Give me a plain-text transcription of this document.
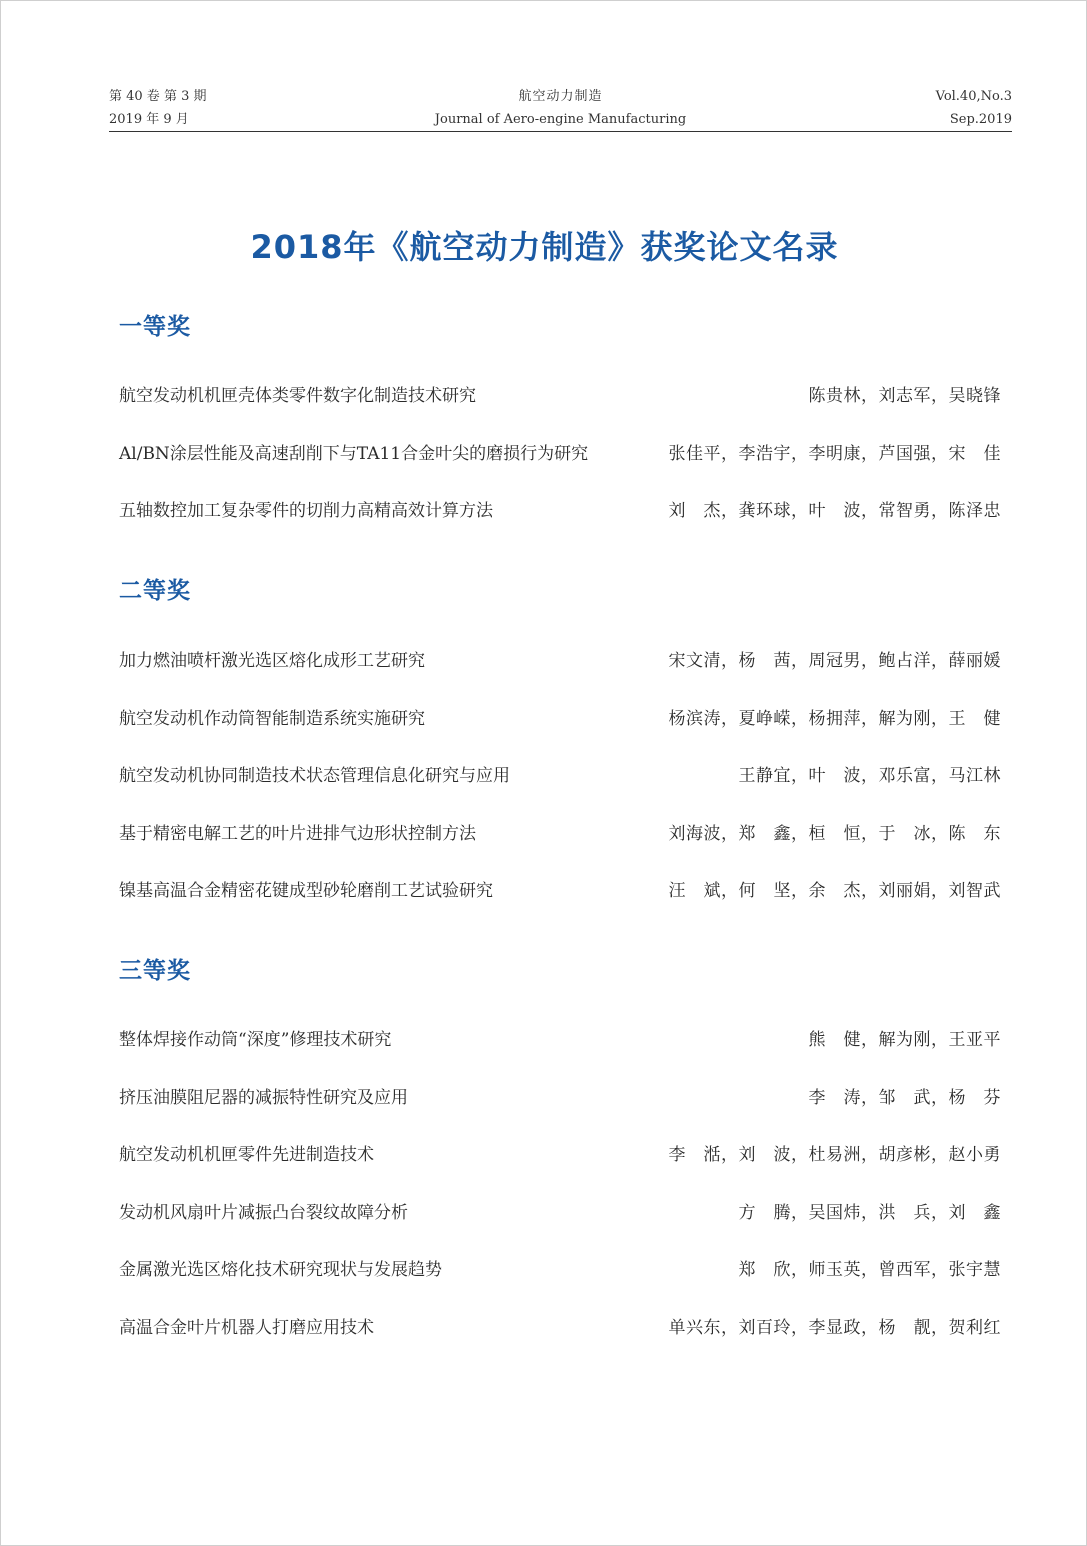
第 40 卷 第 3 期
2019 年 9 月
航空动力制造
Journal of Aero-engine Manufacturing
Vol.40,No.3
Sep.2019
2018年《航空动力制造》获奖论文名录
一等奖
航空发动机机匣壳体类零件数字化制造技术研究	陈贵林，刘志军，吴晓锋
Al/BN涂层性能及高速刮削下与TA11合金叶尖的磨损行为研究	张佳平，李浩宇，李明康，芦国强，宋　佳
五轴数控加工复杂零件的切削力高精高效计算方法	刘　杰，龚环球，叶　波，常智勇，陈泽忠
二等奖
加力燃油喷杆激光选区熔化成形工艺研究	宋文清，杨　茜，周冠男，鲍占洋，薛丽媛
航空发动机作动筒智能制造系统实施研究	杨滨涛，夏峥嵘，杨拥萍，解为刚，王　健
航空发动机协同制造技术状态管理信息化研究与应用	王静宜，叶　波，邓乐富，马江林
基于精密电解工艺的叶片进排气边形状控制方法	刘海波，郑　鑫，桓　恒，于　冰，陈　东
镍基高温合金精密花键成型砂轮磨削工艺试验研究	汪　斌，何　坚，余　杰，刘丽娟，刘智武
三等奖
整体焊接作动筒“深度”修理技术研究	熊　健，解为刚，王亚平
挤压油膜阻尼器的减振特性研究及应用	李　涛，邹　武，杨　芬
航空发动机机匣零件先进制造技术	李　湉，刘　波，杜易洲，胡彦彬，赵小勇
发动机风扇叶片减振凸台裂纹故障分析	方　腾，吴国炜，洪　兵，刘　鑫
金属激光选区熔化技术研究现状与发展趋势	郑　欣，师玉英，曾西军，张宇慧
高温合金叶片机器人打磨应用技术	单兴东，刘百玲，李显政，杨　靓，贺利红
